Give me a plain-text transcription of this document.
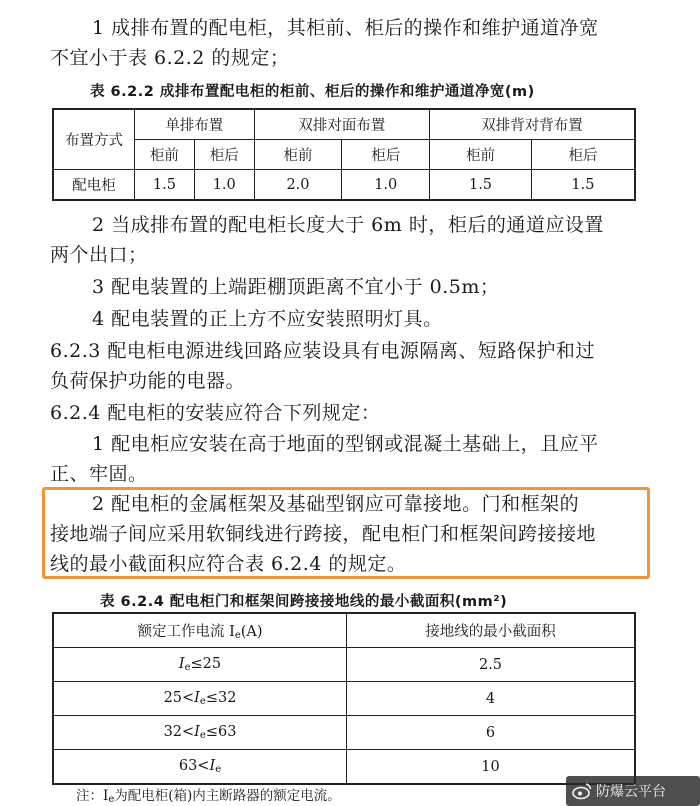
1 成排布置的配电柜，其柜前、柜后的操作和维护通道净宽
不宜小于表 6.2.2 的规定；
表 6.2.2 成排布置配电柜的柜前、柜后的操作和维护通道净宽(m)
布置方式	单排布置		双排对面布置		双排背对背布置	
	柜前	柜后	柜前	柜后	柜前	柜后
配电柜	1.5	1.0	2.0	1.0	1.5	1.5
2 当成排布置的配电柜长度大于 6m 时，柜后的通道应设置
两个出口；
3 配电装置的上端距棚顶距离不宜小于 0.5m；
4 配电装置的正上方不应安装照明灯具。
6.2.3 配电柜电源进线回路应装设具有电源隔离、短路保护和过
负荷保护功能的电器。
6.2.4 配电柜的安装应符合下列规定：
1 配电柜应安装在高于地面的型钢或混凝土基础上，且应平
正、牢固。
2 配电柜的金属框架及基础型钢应可靠接地。门和框架的
接地端子间应采用软铜线进行跨接，配电柜门和框架间跨接接地
线的最小截面积应符合表 6.2.4 的规定。
表 6.2.4 配电柜门和框架间跨接接地线的最小截面积(mm²)
额定工作电流 $I_e(A)$	接地线的最小截面积
$I_e\le 25$	2.5
$25<I_e\le 32$	4
$32<I_e\le 63$	6
$63<I_e$	10
注：$I_e$为配电柜(箱)内主断路器的额定电流。	防爆云平台
